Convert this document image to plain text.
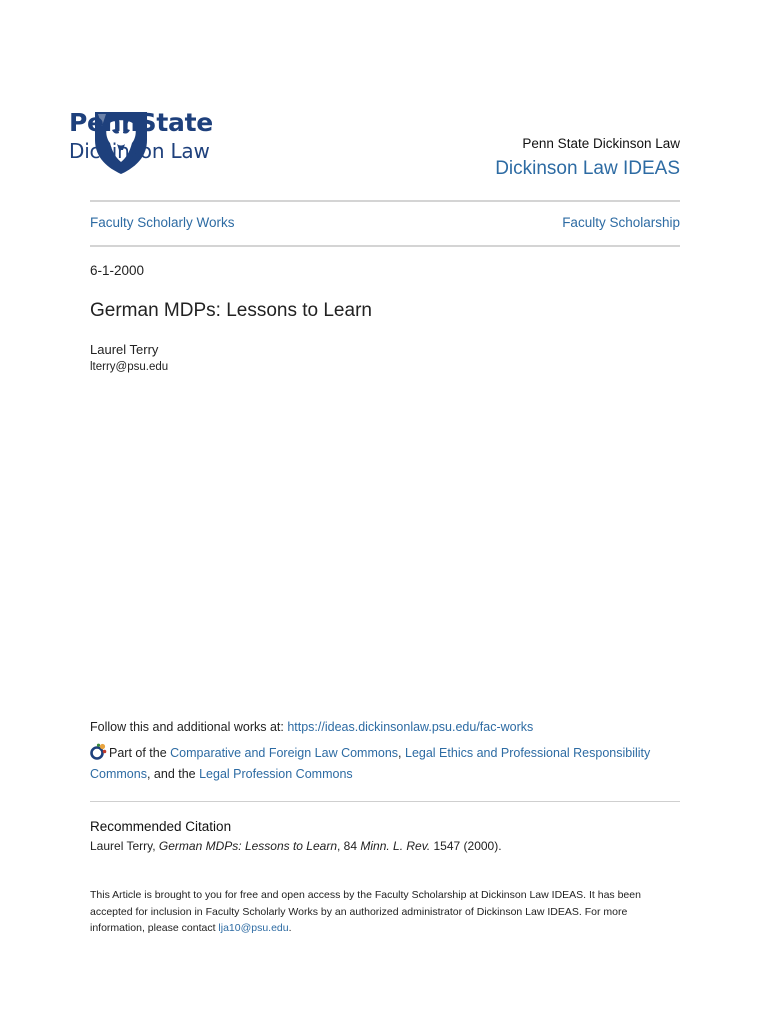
PennState
Dickinson Law	Penn State Dickinson Law
Dickinson Law IDEAS
Faculty Scholarly Works	Faculty Scholarship
6-1-2000
German MDPs: Lessons to Learn
Laurel Terry
lterry@psu.edu
Follow this and additional works at: https://ideas.dickinsonlaw.psu.edu/fac-works
Part of the Comparative and Foreign Law Commons, Legal Ethics and Professional Responsibility Commons, and the Legal Profession Commons
Recommended Citation
Laurel Terry, German MDPs: Lessons to Learn, 84 Minn. L. Rev. 1547 (2000).
This Article is brought to you for free and open access by the Faculty Scholarship at Dickinson Law IDEAS. It has been accepted for inclusion in Faculty Scholarly Works by an authorized administrator of Dickinson Law IDEAS. For more information, please contact lja10@psu.edu.
